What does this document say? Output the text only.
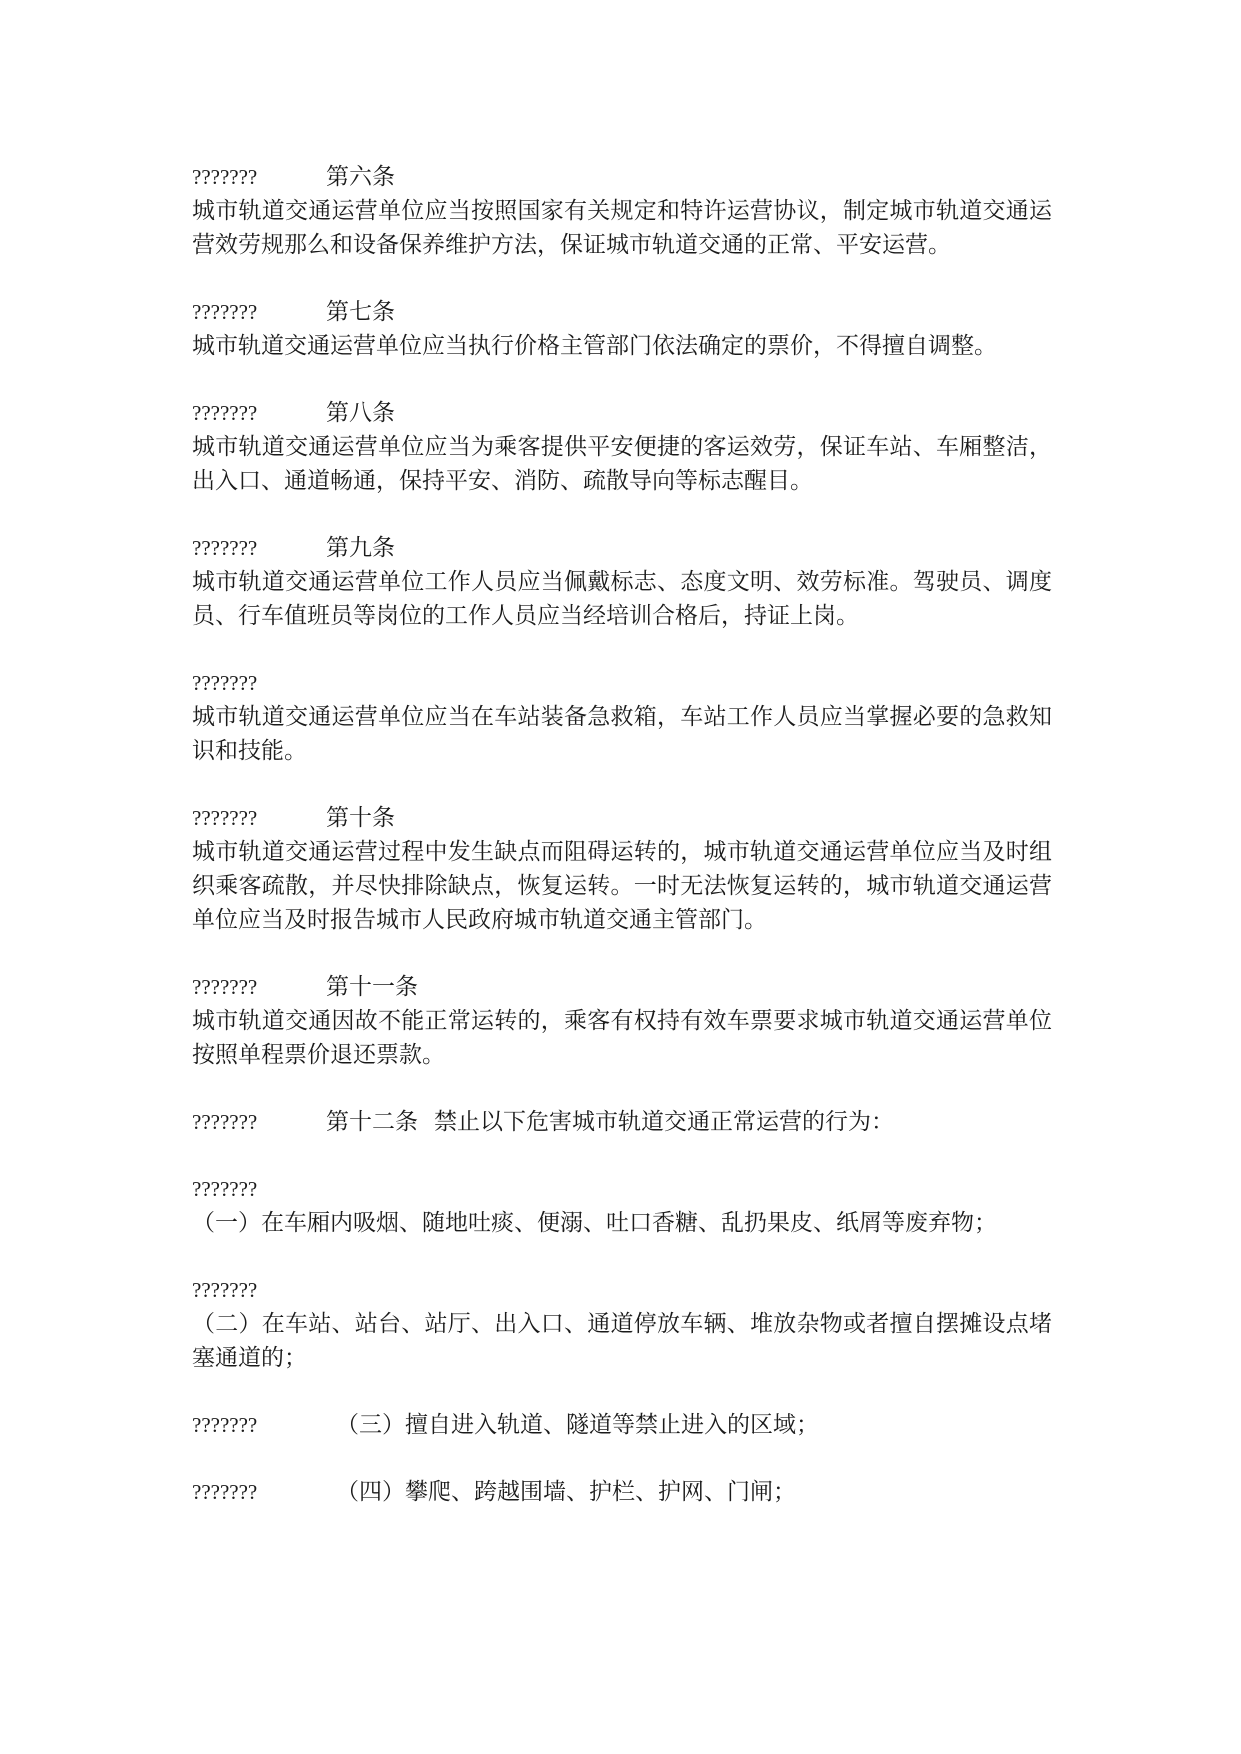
???????	第六条
城市轨道交通运营单位应当按照国家有关规定和特许运营协议，制定城市轨道交通运营效劳规那么和设备保养维护方法，保证城市轨道交通的正常、平安运营。
???????	第七条
城市轨道交通运营单位应当执行价格主管部门依法确定的票价，不得擅自调整。
???????	第八条
城市轨道交通运营单位应当为乘客提供平安便捷的客运效劳，保证车站、车厢整洁，出入口、通道畅通，保持平安、消防、疏散导向等标志醒目。
???????	第九条
城市轨道交通运营单位工作人员应当佩戴标志、态度文明、效劳标准。驾驶员、调度员、行车值班员等岗位的工作人员应当经培训合格后，持证上岗。
???????
城市轨道交通运营单位应当在车站装备急救箱，车站工作人员应当掌握必要的急救知识和技能。
???????	第十条
城市轨道交通运营过程中发生缺点而阻碍运转的，城市轨道交通运营单位应当及时组织乘客疏散，并尽快排除缺点，恢复运转。一时无法恢复运转的，城市轨道交通运营单位应当及时报告城市人民政府城市轨道交通主管部门。
???????	第十一条
城市轨道交通因故不能正常运转的，乘客有权持有效车票要求城市轨道交通运营单位按照单程票价退还票款。
???????	第十二条 禁止以下危害城市轨道交通正常运营的行为：
???????
（一）在车厢内吸烟、随地吐痰、便溺、吐口香糖、乱扔果皮、纸屑等废弃物；
???????
（二）在车站、站台、站厅、出入口、通道停放车辆、堆放杂物或者擅自摆摊设点堵塞通道的；
???????	（三）擅自进入轨道、隧道等禁止进入的区域；
???????	（四）攀爬、跨越围墙、护栏、护网、门闸；
